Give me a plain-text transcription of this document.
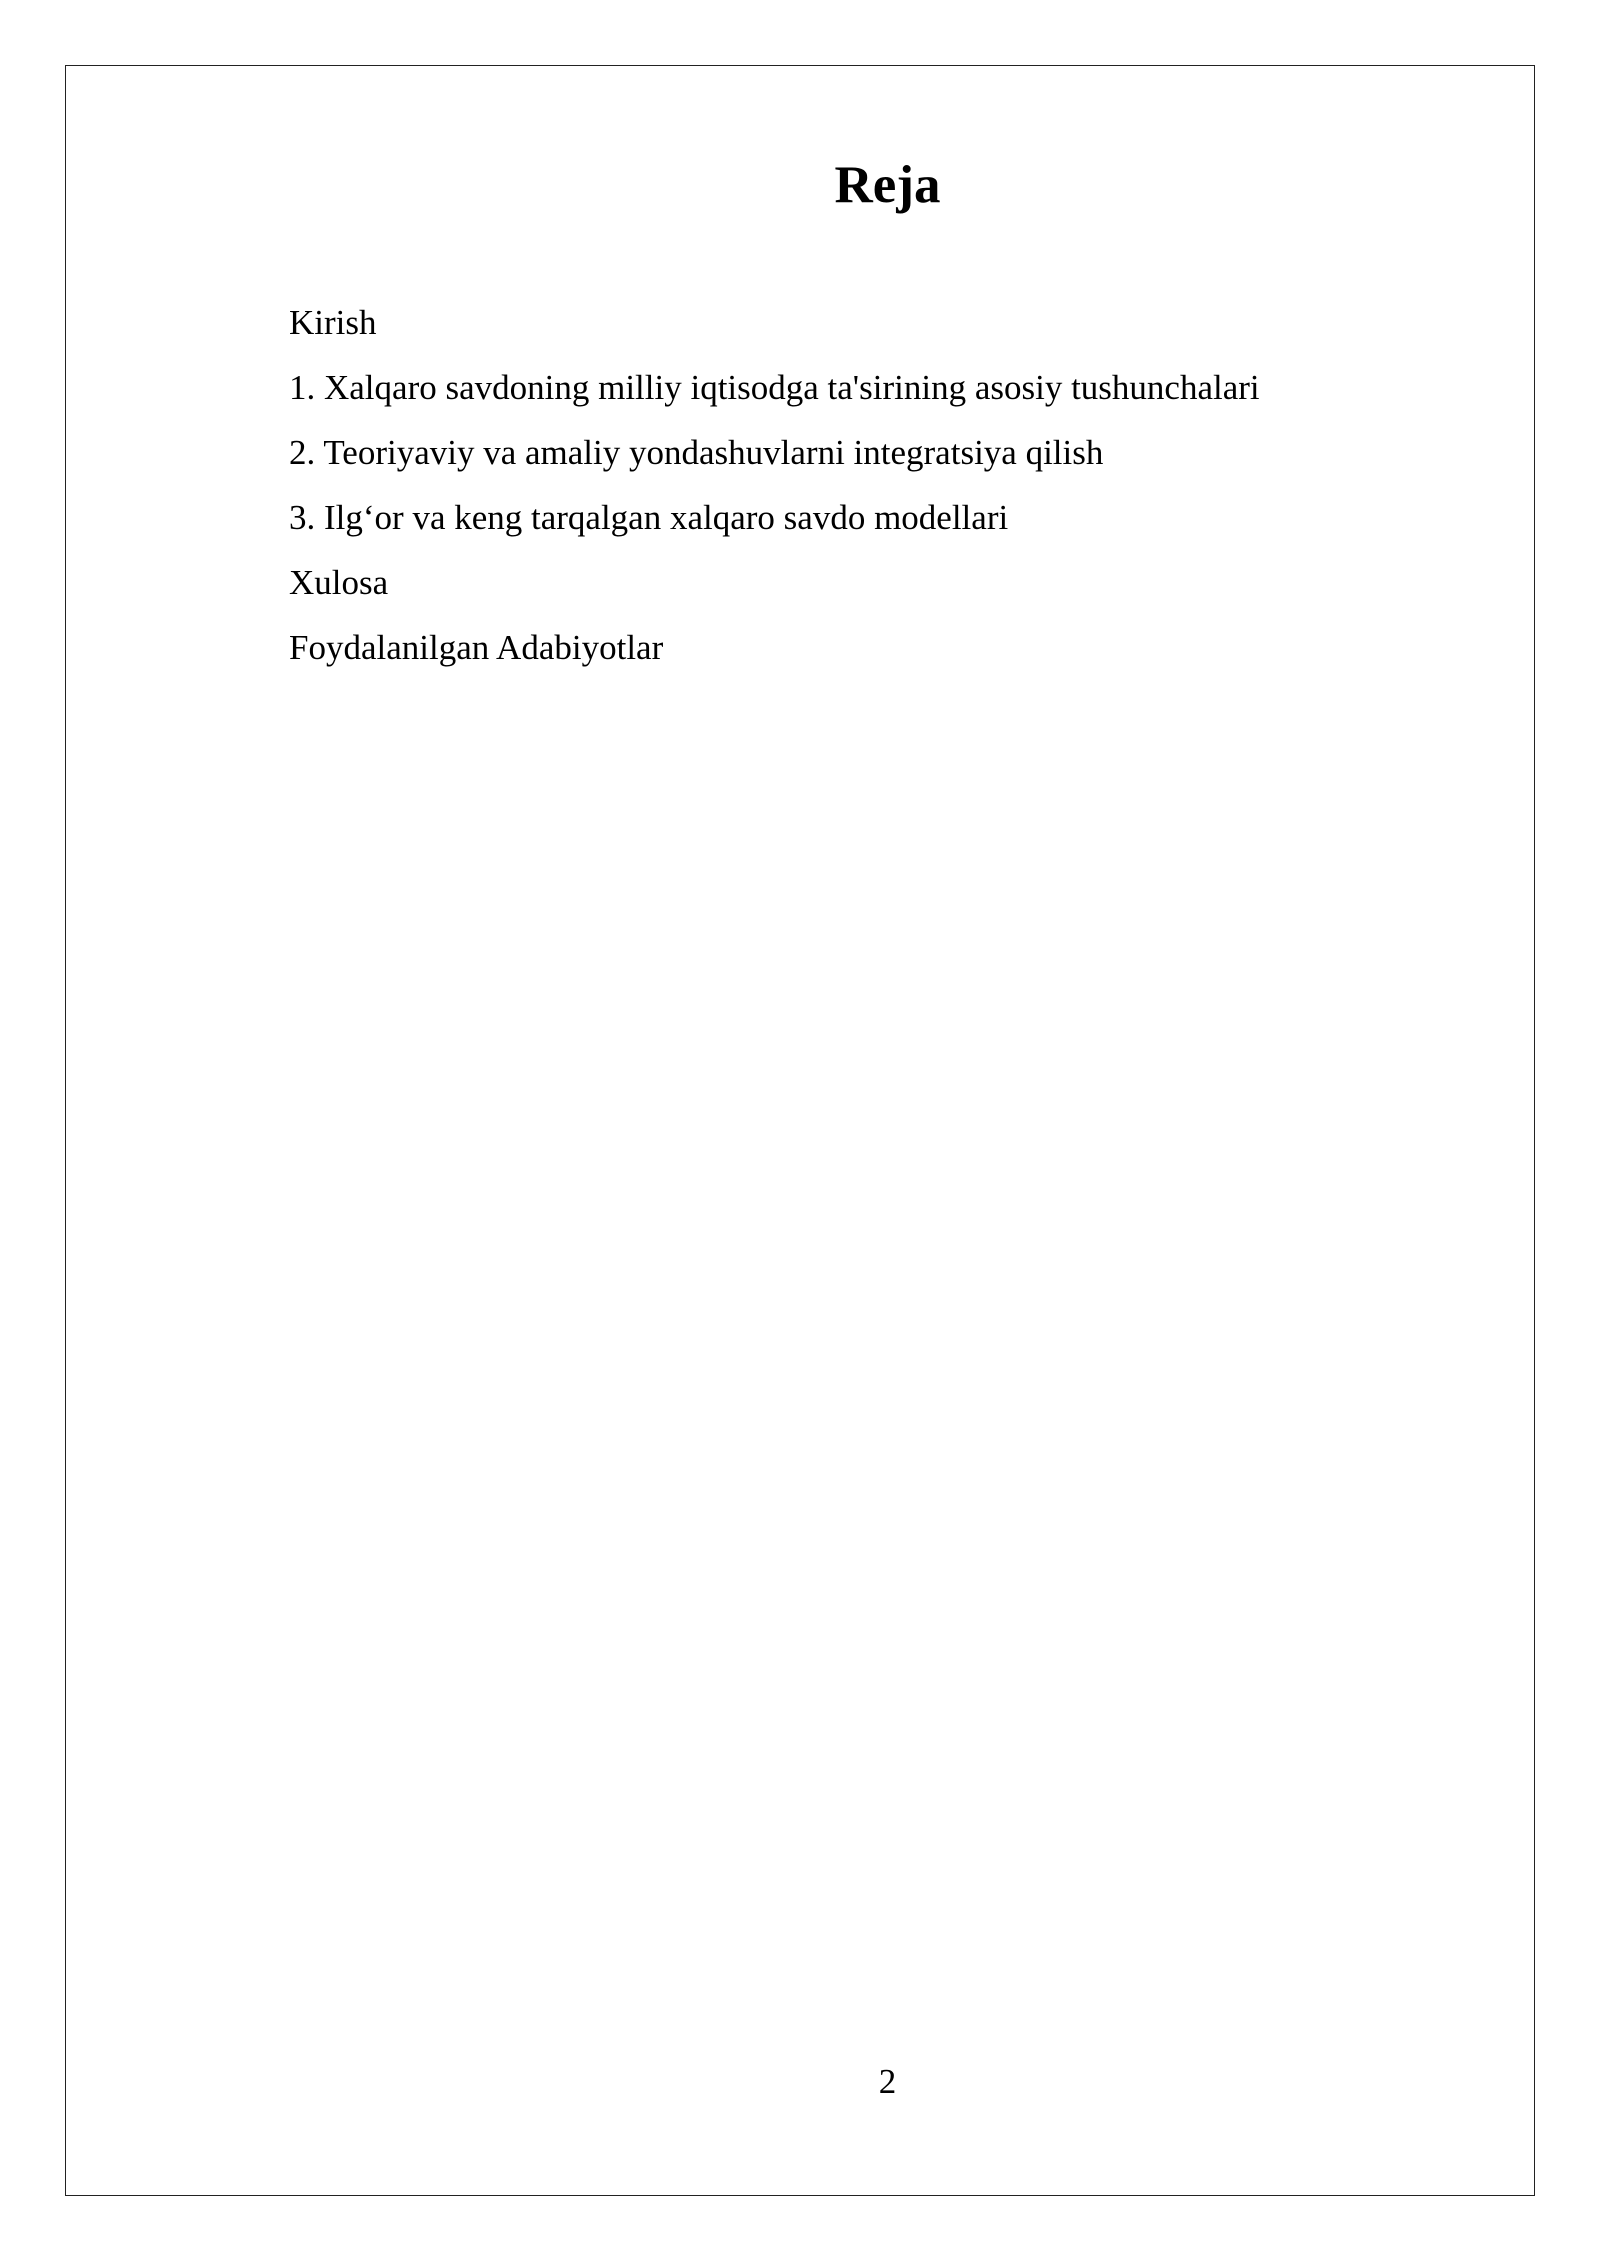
Reja
Kirish
1. Xalqaro savdoning milliy iqtisodga ta'sirining asosiy tushunchalari
2. Teoriyaviy va amaliy yondashuvlarni integratsiya qilish
3. Ilg‘or va keng tarqalgan xalqaro savdo modellari
Xulosa
Foydalanilgan Adabiyotlar
2
